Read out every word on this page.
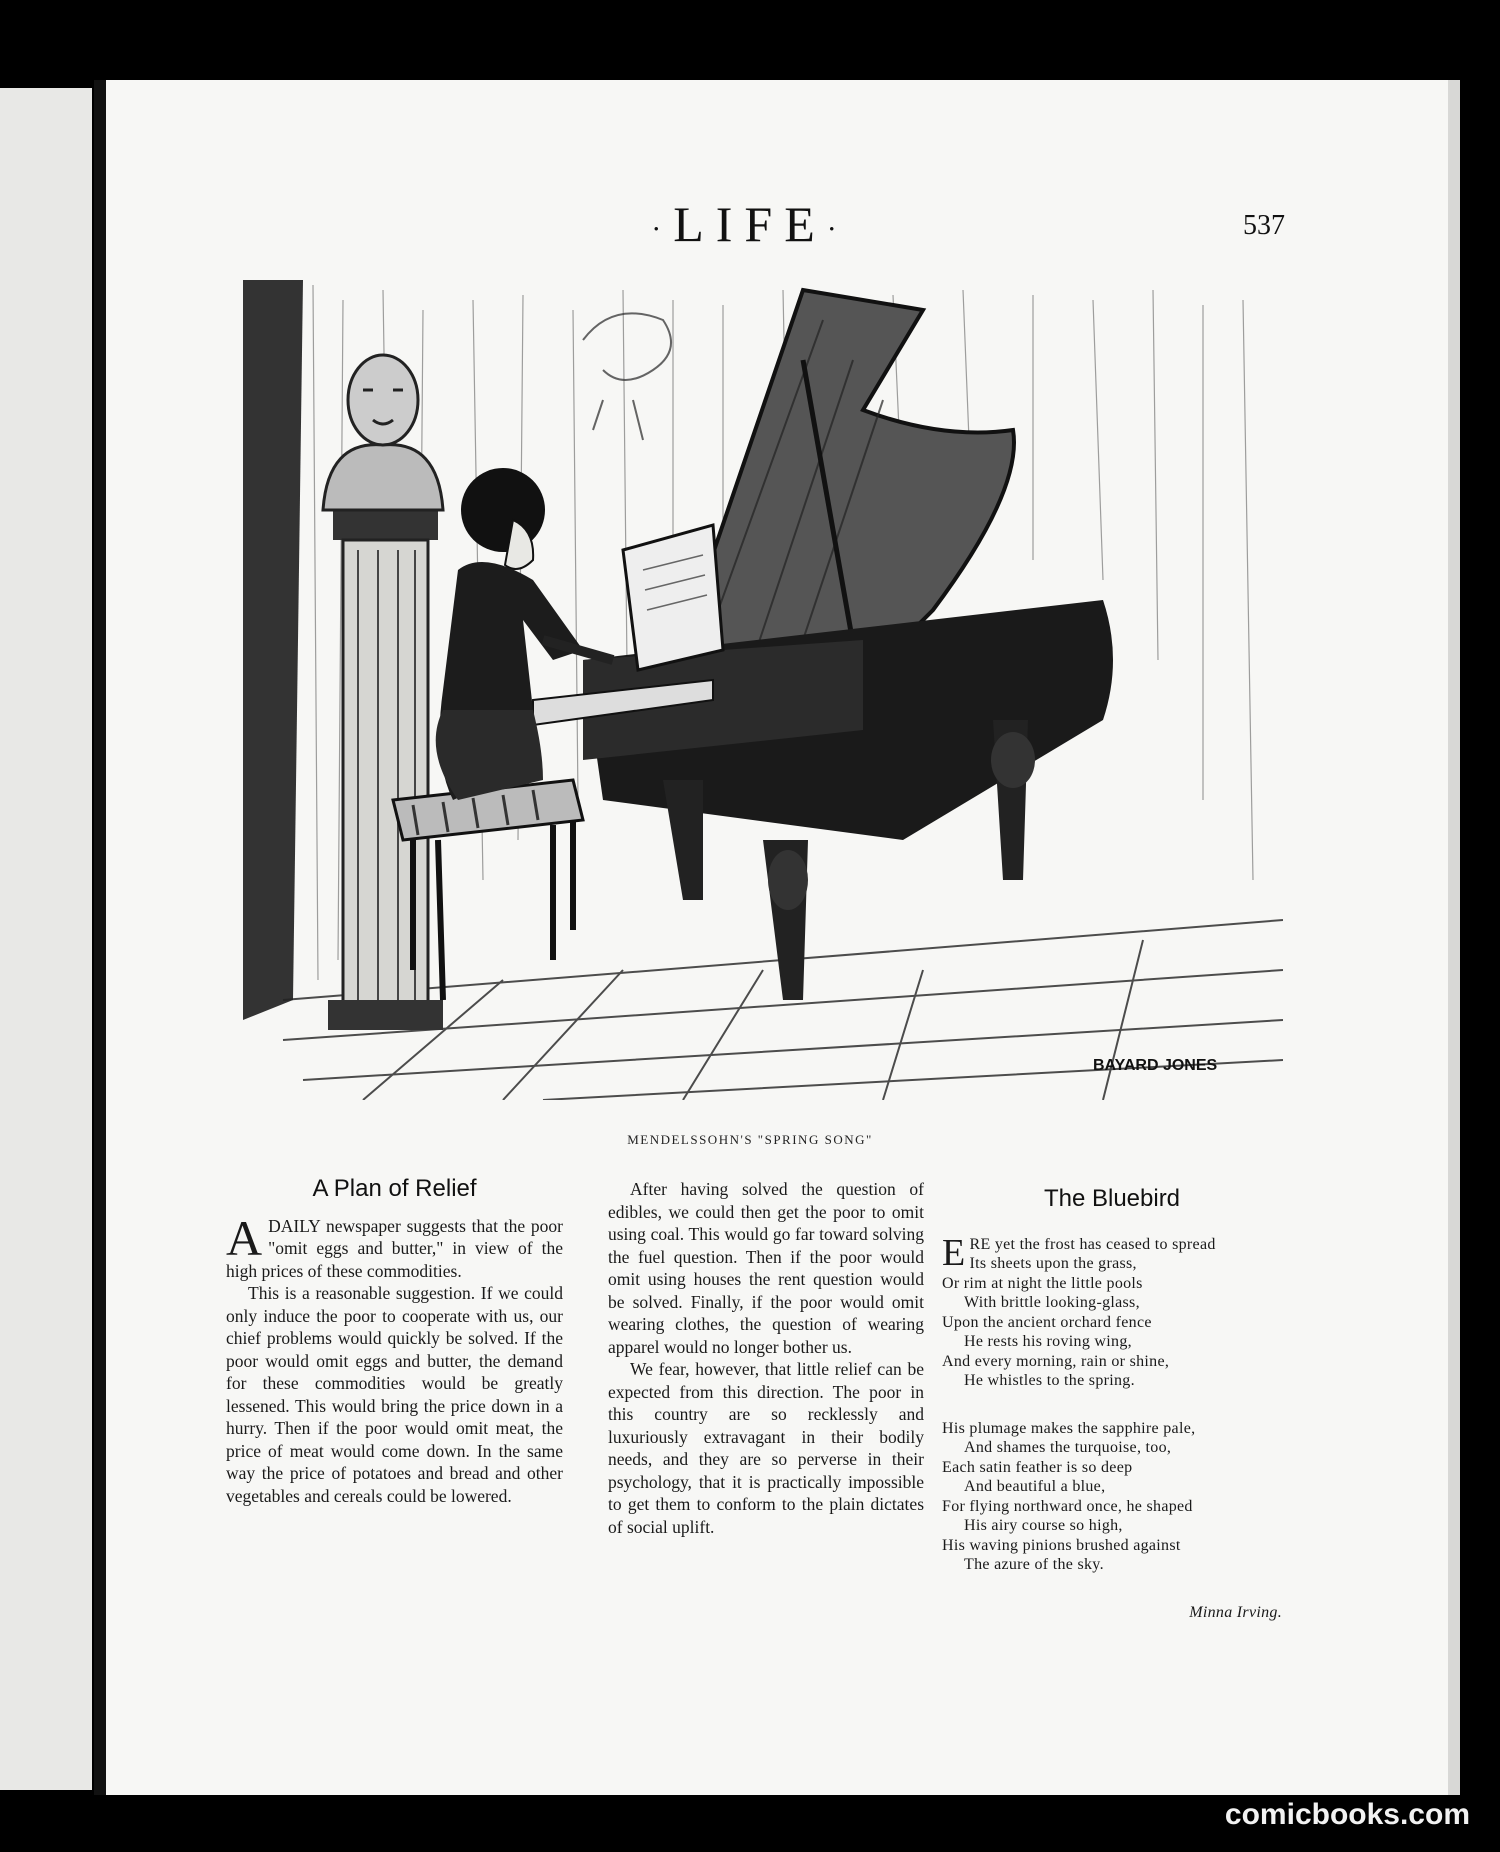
·LIFE·	537
BAYARD JONES
MENDELSSOHN'S "SPRING SONG"
A Plan of Relief

ADAILY newspaper suggests that the poor "omit eggs and butter," in view of the high prices of these commodities.

This is a reasonable suggestion. If we could only induce the poor to cooperate with us, our chief problems would quickly be solved. If the poor would omit eggs and butter, the demand for these commodities would be greatly lessened. This would bring the price down in a hurry. Then if the poor would omit meat, the price of meat would come down. In the same way the price of potatoes and bread and other vegetables and cereals could be lowered.

After having solved the question of edibles, we could then get the poor to omit using coal. This would go far toward solving the fuel question. Then if the poor would omit using houses the rent question would be solved. Finally, if the poor would omit wearing clothes, the question of wearing apparel would no longer bother us.

We fear, however, that little relief can be expected from this direction. The poor in this country are so recklessly and luxuriously extravagant in their bodily needs, and they are so perverse in their psychology, that it is practically impossible to get them to conform to the plain dictates of social uplift.

The Bluebird
ERE yet the frost has ceased to spread
Its sheets upon the grass,
Or rim at night the little pools
With brittle looking-glass,
Upon the ancient orchard fence
He rests his roving wing,
And every morning, rain or shine,
He whistles to the spring.
His plumage makes the sapphire pale,
And shames the turquoise, too,
Each satin feather is so deep
And beautiful a blue,
For flying northward once, he shaped
His airy course so high,
His waving pinions brushed against
The azure of the sky.
Minna Irving.
comicbooks.com
